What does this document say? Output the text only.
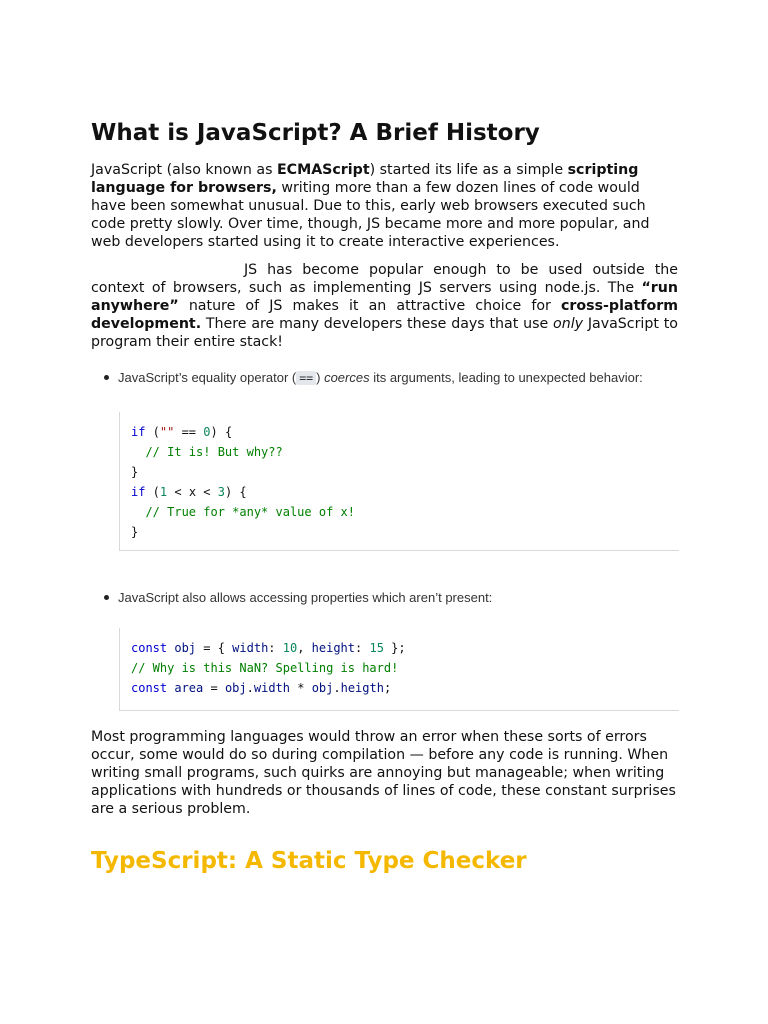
What is JavaScript? A Brief History

JavaScript (also known as ECMAScript) started its life as a simple scripting language for browsers, writing more than a few dozen lines of code would have been somewhat unusual. Due to this, early web browsers executed such code pretty slowly. Over time, though, JS became more and more popular, and web developers started using it to create interactive experiences.

JS has become popular enough to be used outside the context of browsers, such as implementing JS servers using node.js. The “run anywhere” nature of JS makes it an attractive choice for cross-platform development. There are many developers these days that use only JavaScript to program their entire stack!

JavaScript’s equality operator ( == ) coerces its arguments, leading to unexpected behavior:
if ("" == 0) {
// It is! But why??
}
if (1 < x < 3) {
// True for *any* value of x!
}
JavaScript also allows accessing properties which aren’t present:
const obj = { width: 10, height: 15 };
// Why is this NaN? Spelling is hard!
const area = obj.width * obj.heigth;

Most programming languages would throw an error when these sorts of errors occur, some would do so during compilation — before any code is running. When writing small programs, such quirks are annoying but manageable; when writing applications with hundreds or thousands of lines of code, these constant surprises are a serious problem.

TypeScript: A Static Type Checker
